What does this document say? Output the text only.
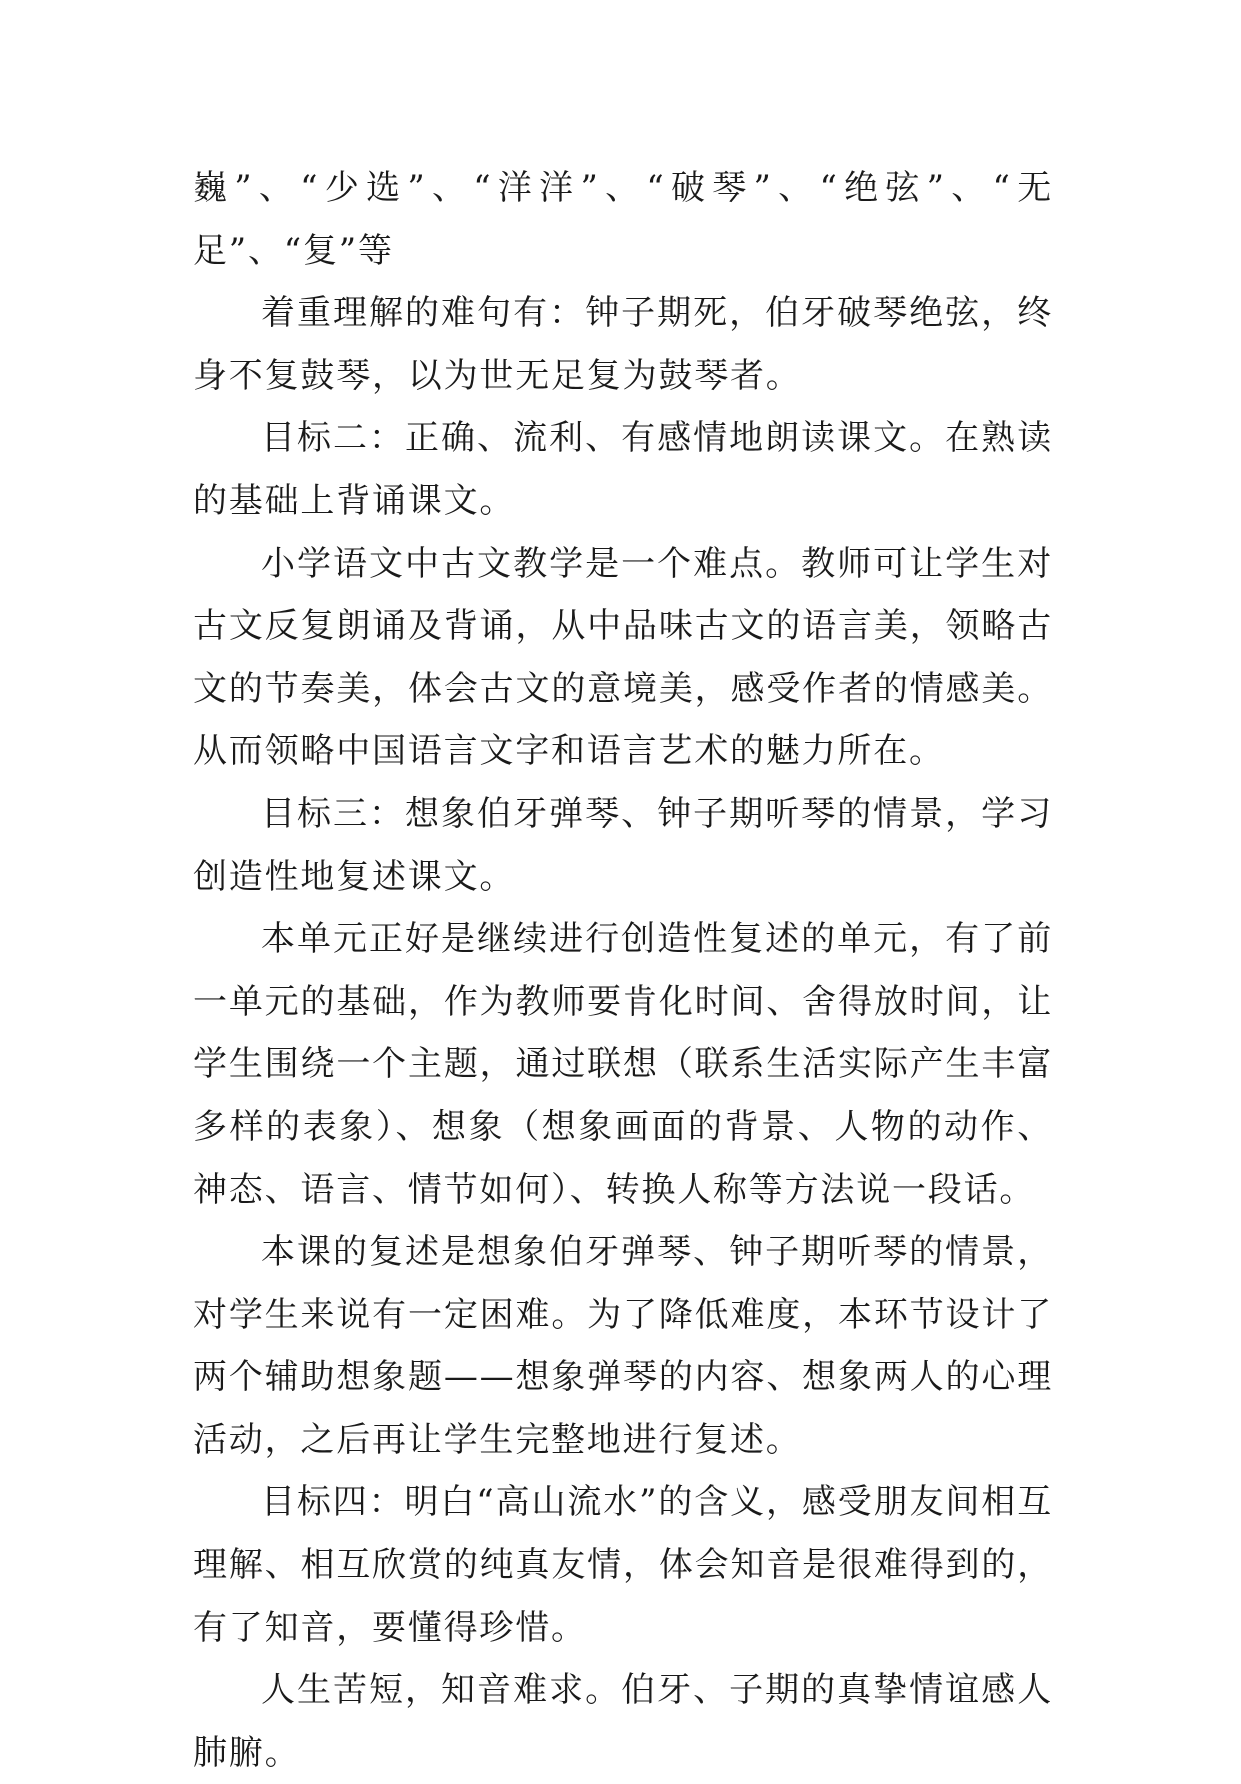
巍”、“少选”、“洋洋”、“破琴”、“绝弦”、“无足”、“复”等

着重理解的难句有：钟子期死，伯牙破琴绝弦，终身不复鼓琴，以为世无足复为鼓琴者。

目标二：正确、流利、有感情地朗读课文。在熟读的基础上背诵课文。

小学语文中古文教学是一个难点。教师可让学生对古文反复朗诵及背诵，从中品味古文的语言美，领略古文的节奏美，体会古文的意境美，感受作者的情感美。从而领略中国语言文字和语言艺术的魅力所在。

目标三：想象伯牙弹琴、钟子期听琴的情景，学习创造性地复述课文。

本单元正好是继续进行创造性复述的单元，有了前一单元的基础，作为教师要肯化时间、舍得放时间，让学生围绕一个主题，通过联想（联系生活实际产生丰富多样的表象）、想象（想象画面的背景、人物的动作、神态、语言、情节如何）、转换人称等方法说一段话。

本课的复述是想象伯牙弹琴、钟子期听琴的情景，对学生来说有一定困难。为了降低难度，本环节设计了两个辅助想象题——想象弹琴的内容、想象两人的心理活动，之后再让学生完整地进行复述。

目标四：明白“高山流水”的含义，感受朋友间相互理解、相互欣赏的纯真友情，体会知音是很难得到的，有了知音，要懂得珍惜。

人生苦短，知音难求。伯牙、子期的真挚情谊感人肺腑。
